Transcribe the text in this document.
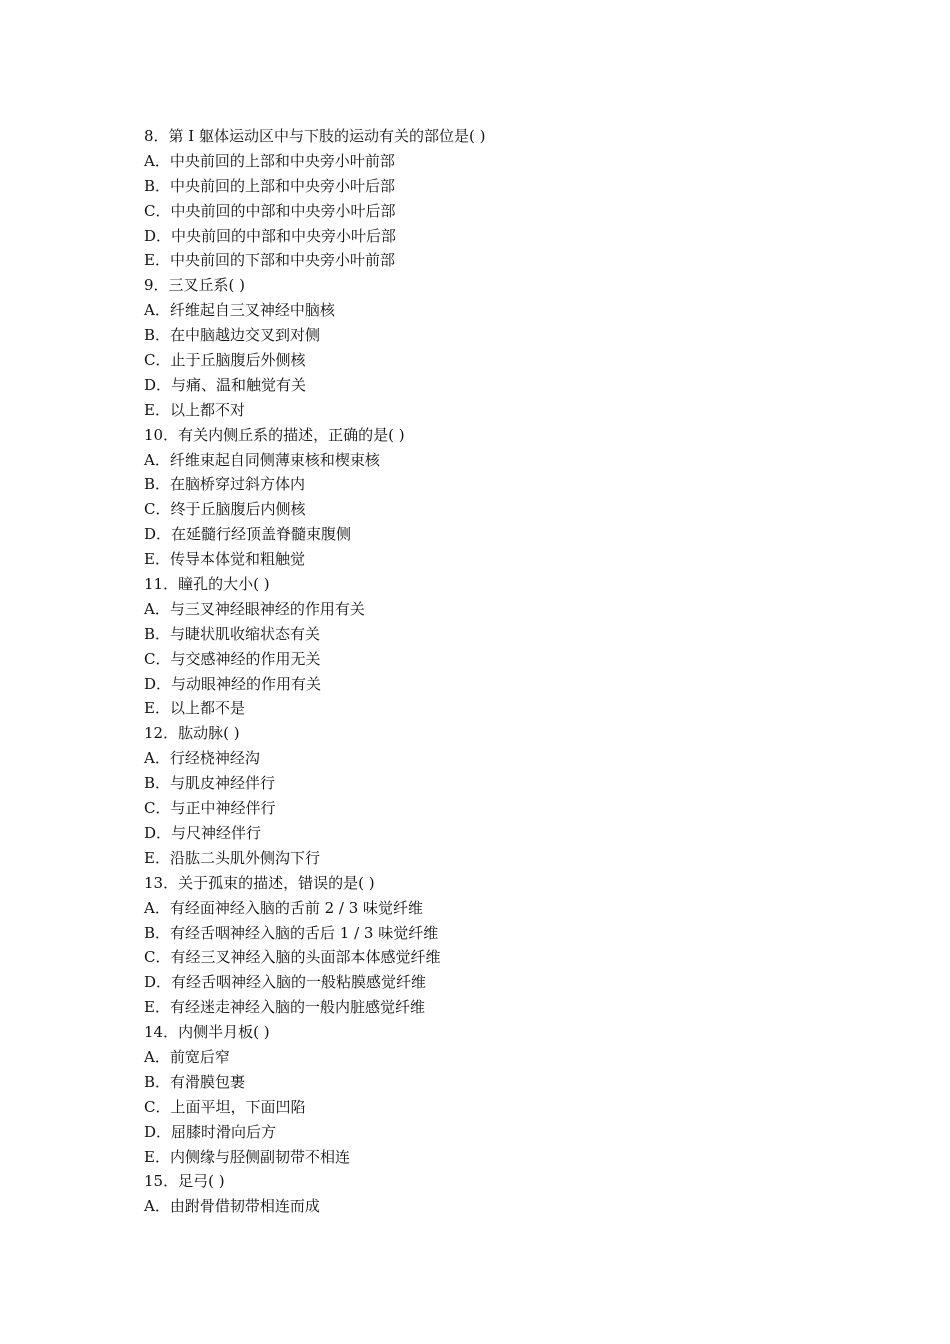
8．第 I 躯体运动区中与下肢的运动有关的部位是( )
A．中央前回的上部和中央旁小叶前部
B．中央前回的上部和中央旁小叶后部
C．中央前回的中部和中央旁小叶后部
D．中央前回的中部和中央旁小叶后部
E．中央前回的下部和中央旁小叶前部
9．三叉丘系( )
A．纤维起自三叉神经中脑核
B．在中脑越边交叉到对侧
C．止于丘脑腹后外侧核
D．与痛、温和触觉有关
E．以上都不对
10．有关内侧丘系的描述，正确的是( )
A．纤维束起自同侧薄束核和楔束核
B．在脑桥穿过斜方体内
C．终于丘脑腹后内侧核
D．在延髓行经顶盖脊髓束腹侧
E．传导本体觉和粗触觉
11．瞳孔的大小( )
A．与三叉神经眼神经的作用有关
B．与睫状肌收缩状态有关
C．与交感神经的作用无关
D．与动眼神经的作用有关
E．以上都不是
12．肱动脉( )
A．行经桡神经沟
B．与肌皮神经伴行
C．与正中神经伴行
D．与尺神经伴行
E．沿肱二头肌外侧沟下行
13．关于孤束的描述，错误的是( )
A．有经面神经入脑的舌前 2 / 3 味觉纤维
B．有经舌咽神经入脑的舌后 1 / 3 味觉纤维
C．有经三叉神经入脑的头面部本体感觉纤维
D．有经舌咽神经入脑的一般粘膜感觉纤维
E．有经迷走神经入脑的一般内脏感觉纤维
14．内侧半月板( )
A．前宽后窄
B．有滑膜包裹
C．上面平坦，下面凹陷
D．屈膝时滑向后方
E．内侧缘与胫侧副韧带不相连
15．足弓( )
A．由跗骨借韧带相连而成
